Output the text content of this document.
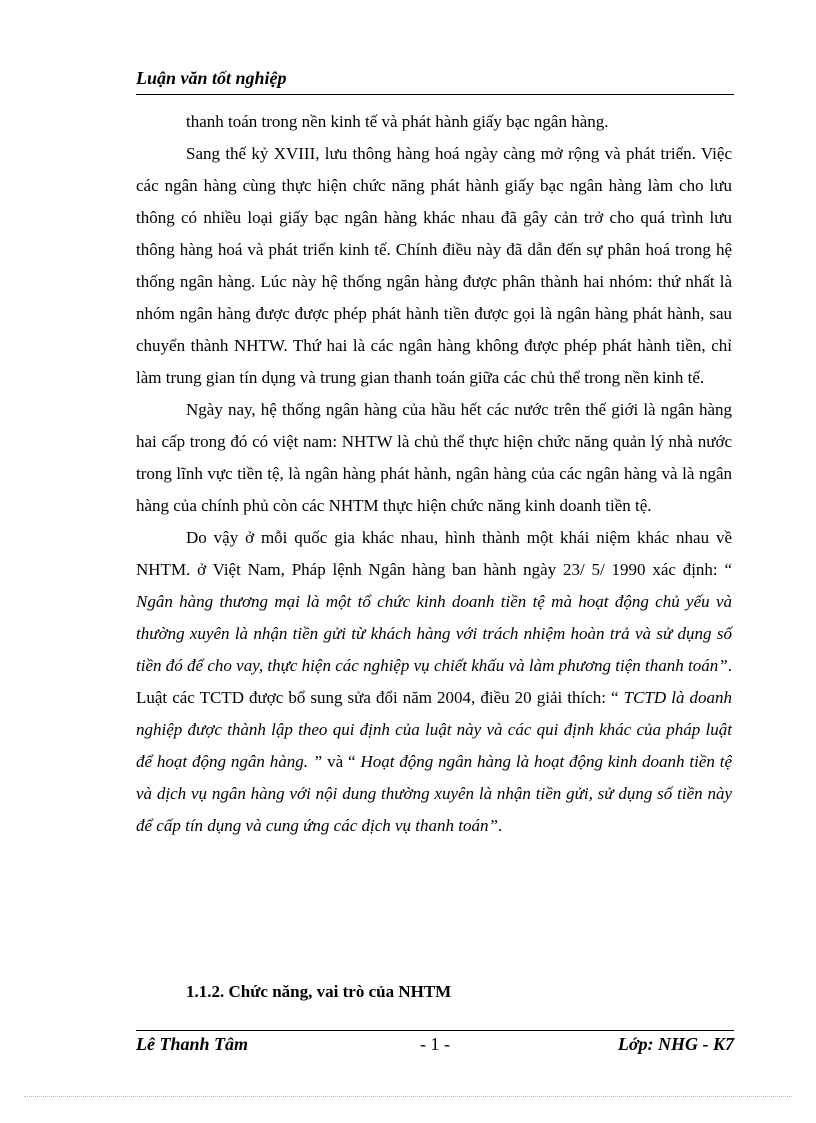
Luận văn tốt nghiệp

thanh toán trong nền kinh tế và phát hành giấy bạc ngân hàng.

Sang thế kỷ XVIII, lưu thông hàng hoá ngày càng mở rộng và phát triển. Việc các ngân hàng cùng thực hiện chức năng phát hành giấy bạc ngân hàng làm cho lưu thông có nhiều loại giấy bạc ngân hàng khác nhau đã gây cản trở cho quá trình lưu thông hàng hoá và phát triển kinh tế. Chính điều này đã dẫn đến sự phân hoá trong hệ thống ngân hàng. Lúc này hệ thống ngân hàng được phân thành hai nhóm: thứ nhất là nhóm ngân hàng được được phép phát hành tiền được gọi là ngân hàng phát hành, sau chuyển thành NHTW. Thứ hai là các ngân hàng không được phép phát hành tiền, chỉ làm trung gian tín dụng và trung gian thanh toán giữa các chủ thể trong nền kinh tế.

Ngày nay, hệ thống ngân hàng của hầu hết các nước trên thế giới là ngân hàng hai cấp trong đó có việt nam: NHTW là chủ thể thực hiện chức năng quản lý nhà nước trong lĩnh vực tiền tệ, là ngân hàng phát hành, ngân hàng của các ngân hàng và là ngân hàng của chính phủ còn các NHTM thực hiện chức năng kinh doanh tiền tệ.

Do vậy ở mỗi quốc gia khác nhau, hình thành một khái niệm khác nhau về NHTM. ở Việt Nam, Pháp lệnh Ngân hàng ban hành ngày 23/ 5/ 1990 xác định: “ Ngân hàng thương mại là một tổ chức kinh doanh tiền tệ mà hoạt động chủ yếu và thường xuyên là nhận tiền gửi từ khách hàng với trách nhiệm hoàn trả và sử dụng số tiền đó để cho vay, thực hiện các nghiệp vụ chiết khấu và làm phương tiện thanh toán”. Luật các TCTD được bổ sung sửa đổi năm 2004, điều 20 giải thích: “ TCTD là doanh nghiệp được thành lập theo qui định của luật này và các qui định khác của pháp luật để hoạt động ngân hàng. ” và “ Hoạt động ngân hàng là hoạt động kinh doanh tiền tệ và dịch vụ ngân hàng với nội dung thường xuyên là nhận tiền gửi, sử dụng số tiền này để cấp tín dụng và cung ứng các dịch vụ thanh toán”.

1.1.2. Chức năng, vai trò của NHTM
Lê Thanh Tâm	- 1 -	Lớp: NHG - K7
